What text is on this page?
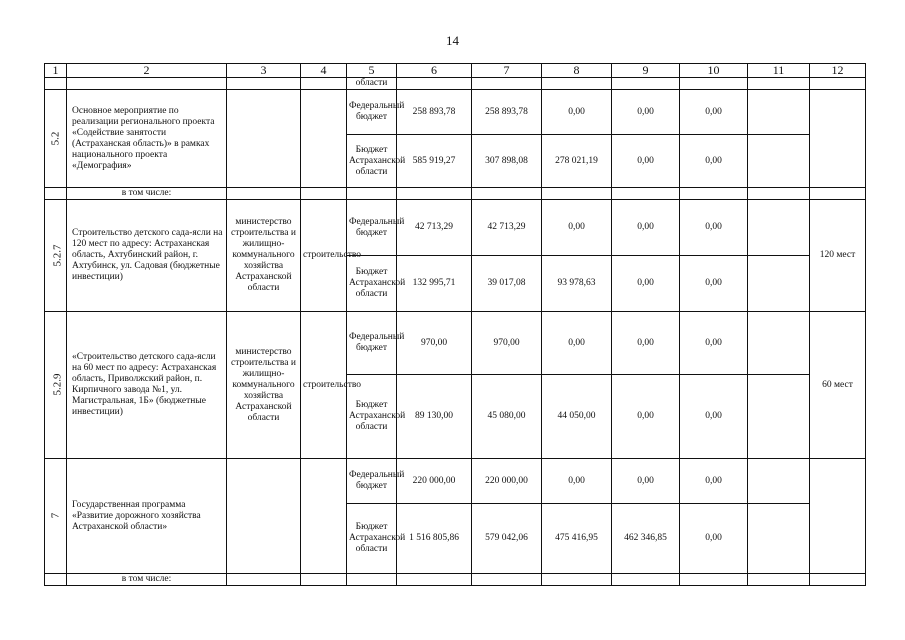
14
1	2	3	4	5	6	7	8	9	10	11	12
				области							
5.2	Основное мероприятие по реализации регионального проекта «Содействие занятости (Астраханская область)» в рамках национального проекта «Демография»			Федеральный бюджет	258 893,78	258 893,78	0,00	0,00	0,00		
				Бюджет Астраханской области	585 919,27	307 898,08	278 021,19	0,00	0,00		
	в том числе:										
5.2.7	Строительство детского сада-ясли на 120 мест по адресу: Астраханская область, Ахтубинский район, г. Ахтубинск, ул. Садовая (бюджетные инвестиции)	министерство строительства и жилищно-коммунального хозяйства Астраханской области	строительство	Федеральный бюджет	42 713,29	42 713,29	0,00	0,00	0,00		120 мест
				Бюджет Астраханской области	132 995,71	39 017,08	93 978,63	0,00	0,00		
5.2.9	«Строительство детского сада-ясли на 60 мест по адресу: Астраханская область, Приволжский район, п. Кирпичного завода №1, ул. Магистральная, 1Б» (бюджетные инвестиции)	министерство строительства и жилищно-коммунального хозяйства Астраханской области	строительство	Федеральный бюджет	970,00	970,00	0,00	0,00	0,00		60 мест
				Бюджет Астраханской области	89 130,00	45 080,00	44 050,00	0,00	0,00		
7	Государственная программа «Развитие дорожного хозяйства Астраханской области»			Федеральный бюджет	220 000,00	220 000,00	0,00	0,00	0,00		
				Бюджет Астраханской области	1 516 805,86	579 042,06	475 416,95	462 346,85	0,00		
	в том числе:										
